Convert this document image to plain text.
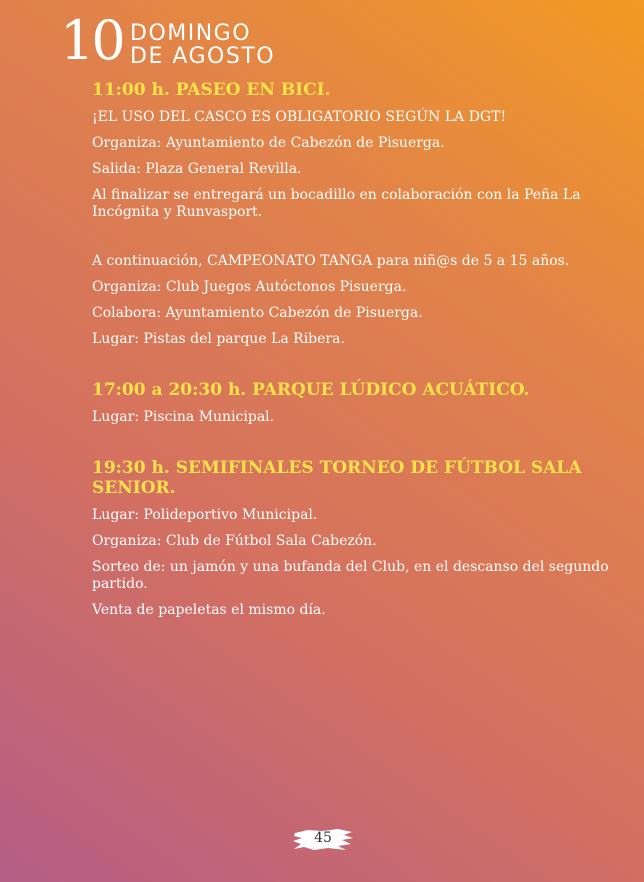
10 DOMINGO
DE AGOSTO
11:00 h. PASEO EN BICI.

¡EL USO DEL CASCO ES OBLIGATORIO SEGÚN LA DGT!

Organiza: Ayuntamiento de Cabezón de Pisuerga.

Salida: Plaza General Revilla.

Al finalizar se entregará un bocadillo en colaboración con la Peña La Incógnita y Runvasport.

A continuación, CAMPEONATO TANGA para niñ@s de 5 a 15 años.

Organiza: Club Juegos Autóctonos Pisuerga.

Colabora: Ayuntamiento Cabezón de Pisuerga.

Lugar: Pistas del parque La Ribera.

17:00 a 20:30 h. PARQUE LÚDICO ACUÁTICO.

Lugar: Piscina Municipal.

19:30 h. SEMIFINALES TORNEO DE FÚTBOL SALA SENIOR.

Lugar: Polideportivo Municipal.

Organiza: Club de Fútbol Sala Cabezón.

Sorteo de: un jamón y una bufanda del Club, en el descanso del segundo partido.

Venta de papeletas el mismo día.

45
